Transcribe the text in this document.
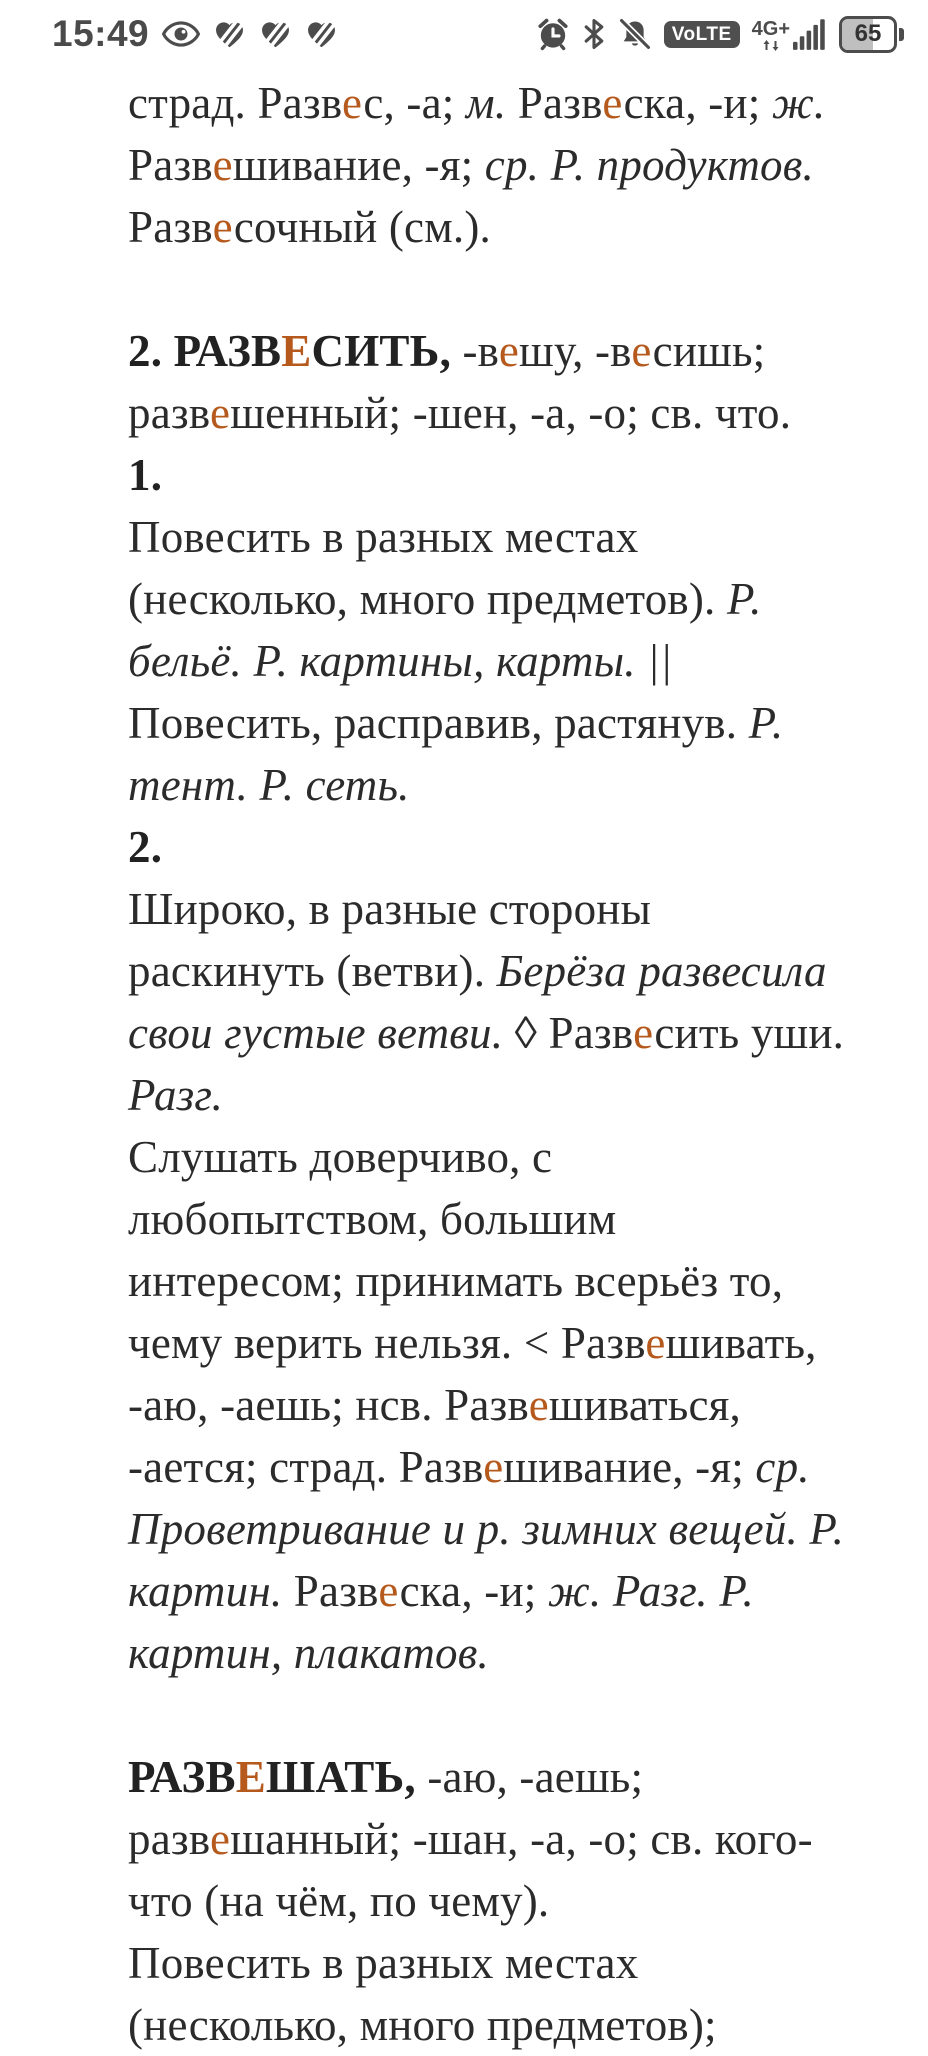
15:49	VoLTE	4G+	65
страд. Развес, -а; м. Развеска, -и; ж.
Развешивание, -я; ср. Р. продуктов.
Развесочный (см.).
2. РАЗВЕСИТЬ, -вешу, -весишь;
развешенный; -шен, -а, -о; св. что.
1.
Повесить в разных местах
(несколько, много предметов). Р.
бельё. Р. картины, карты. ||
Повесить, расправив, растянув. Р.
тент. Р. сеть.
2.
Широко, в разные стороны
раскинуть (ветви). Берёза развесила
свои густые ветви. ◊ Развесить уши.
Разг.
Слушать доверчиво, с
любопытством, большим
интересом; принимать всерьёз то,
чему верить нельзя. < Развешивать,
-аю, -аешь; нсв. Развешиваться,
-ается; страд. Развешивание, -я; ср.
Проветривание и р. зимних вещей. Р.
картин. Развеска, -и; ж. Разг. Р.
картин, плакатов.
РАЗВЕШАТЬ, -аю, -аешь;
развешанный; -шан, -а, -о; св. кого-
что (на чём, по чему).
Повесить в разных местах
(несколько, много предметов);
